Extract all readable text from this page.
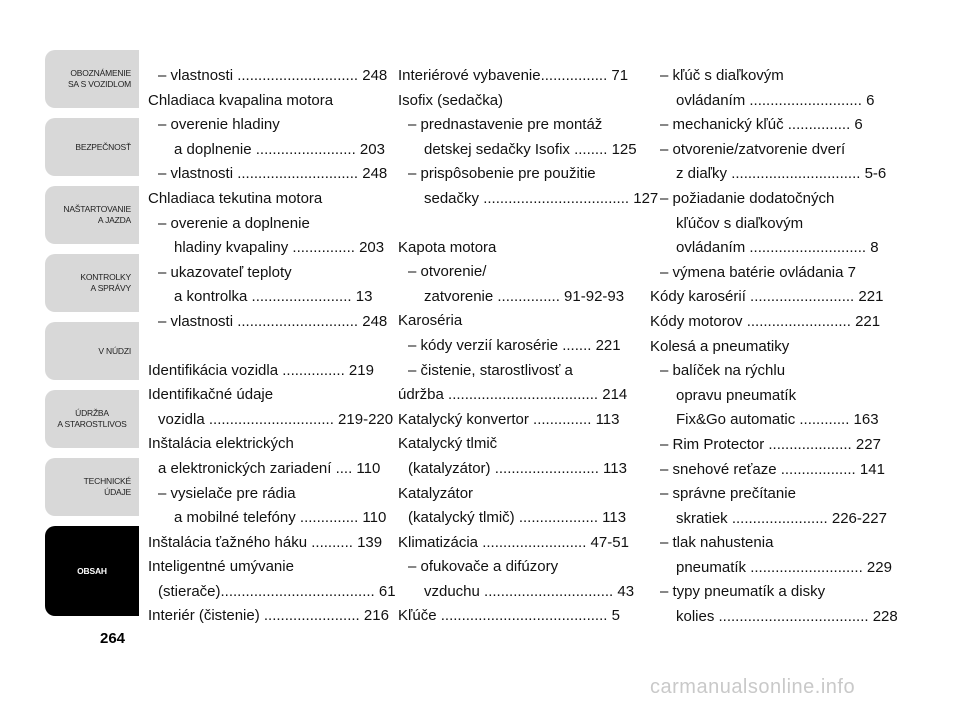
OBOZNÁMENIE
SA S VOZIDLOM
BEZPEČNOSŤ
NAŠTARTOVANIE
A JAZDA
KONTROLKY
A SPRÁVY
V NÚDZI
ÚDRŽBA
A STAROSTLIVOS
TECHNICKÉ
ÚDAJE
OBSAH
264
– vlastnosti ............................. 248
Chladiaca kvapalina motora
– overenie hladiny
a doplnenie ........................ 203
– vlastnosti ............................. 248
Chladiaca tekutina motora
– overenie a doplnenie
hladiny kvapaliny ............... 203
– ukazovateľ teploty
a kontrolka ........................ 13
– vlastnosti ............................. 248
Identifikácia vozidla ............... 219
Identifikačné údaje
vozidla .............................. 219-220
Inštalácia elektrických
a elektronických zariadení .... 110
– vysielače pre rádia
a mobilné telefóny .............. 110
Inštalácia ťažného háku .......... 139
Inteligentné umývanie
(stierače)..................................... 61
Interiér (čistenie) ....................... 216
Interiérové vybavenie................ 71
Isofix (sedačka)
– prednastavenie pre montáž
detskej sedačky Isofix ........ 125
– prispôsobenie pre použitie
sedačky ................................... 127
Kapota motora
– otvorenie/
zatvorenie ............... 91-92-93
Karoséria
– kódy verzií karosérie ....... 221
– čistenie, starostlivosť a
údržba .................................... 214
Katalycký konvertor .............. 113
Katalycký tlmič
(katalyzátor) ......................... 113
Katalyzátor
(katalycký tlmič) ................... 113
Klimatizácia ......................... 47-51
– ofukovače a difúzory
vzduchu ............................... 43
Kľúče ........................................ 5
– kľúč s diaľkovým
ovládaním ........................... 6
– mechanický kľúč ............... 6
– otvorenie/zatvorenie dverí
z diaľky ............................... 5-6
– požiadanie dodatočných
kľúčov s diaľkovým
ovládaním ............................ 8
– výmena batérie ovládania 7
Kódy karosérií ......................... 221
Kódy motorov ......................... 221
Kolesá a pneumatiky
– balíček na rýchlu
opravu pneumatík
Fix&Go automatic ............ 163
– Rim Protector .................... 227
– snehové reťaze .................. 141
– správne prečítanie
skratiek ....................... 226-227
– tlak nahustenia
pneumatík ........................... 229
– typy pneumatík a disky
kolies .................................... 228
carmanualsonline.info
